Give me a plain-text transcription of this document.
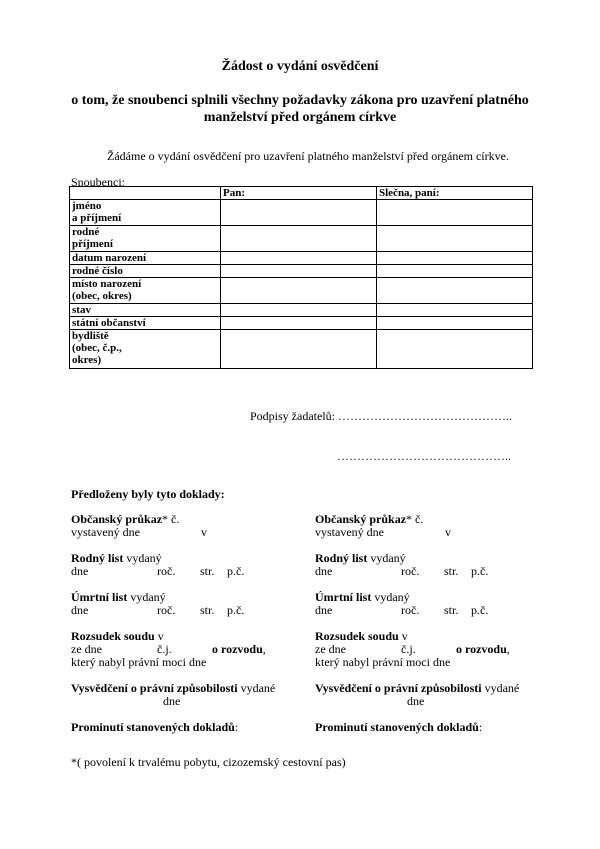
Žádost o vydání osvědčení
o tom, že snoubenci splnili všechny požadavky zákona pro uzavření platného
manželství před orgánem církve
Žádáme o vydání osvědčení pro uzavření platného manželství před orgánem církve.
Snoubenci:
	Pan:	Slečna, paní:

jméno
a příjmení		

rodné
příjmení		

datum narození		

rodné číslo		

místo narození
(obec, okres)		

stav		

státní občanství		

bydliště
(obec, č.p.,
okres)		

Podpisy žadatelů: ……………………………………..
……………………………………..
Předloženy byly tyto doklady:
Občanský průkaz* č.
vystavený dne	v
Rodný list vydaný
dne	roč. str. p.č.
Úmrtní list vydaný
dne	roč. str. p.č.
Rozsudek soudu v
ze dne	č.j.	o rozvodu,
který nabyl právní moci dne
Vysvědčení o právní způsobilosti vydané
dne
Prominutí stanovených dokladů:
Občanský průkaz* č.
vystavený dne	v
Rodný list vydaný
dne	roč. str. p.č.
Úmrtní list vydaný
dne	roč. str. p.č.
Rozsudek soudu v
ze dne	č.j.	o rozvodu,
který nabyl právní moci dne
Vysvědčení o právní způsobilosti vydané
dne
Prominutí stanovených dokladů:
*( povolení k trvalému pobytu, cizozemský cestovní pas)
